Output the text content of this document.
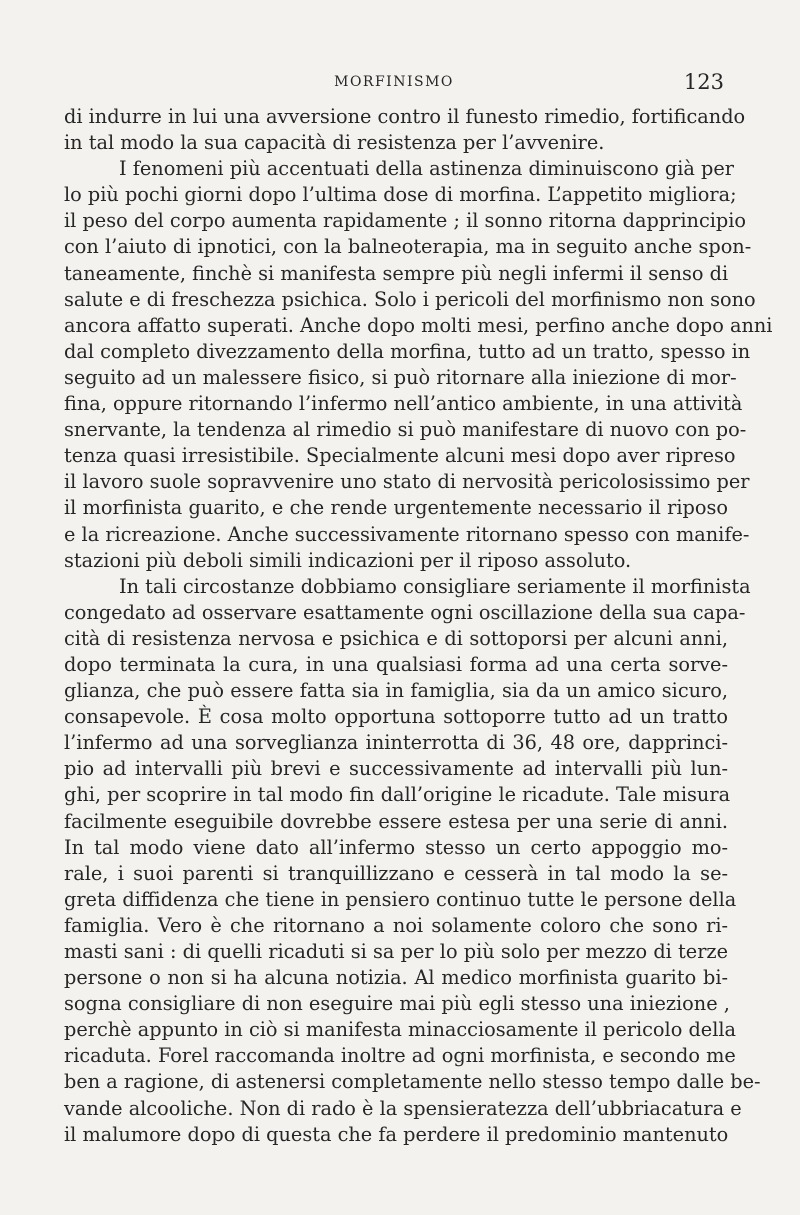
MORFINISMO	123
di indurre in lui una avversione contro il funesto rimedio, fortificando
in tal modo la sua capacità di resistenza per l’avvenire.
I fenomeni più accentuati della astinenza diminuiscono già per
lo più pochi giorni dopo l’ultima dose di morfina. L’appetito migliora;
il peso del corpo aumenta rapidamente ; il sonno ritorna dapprincipio
con l’aiuto di ipnotici, con la balneoterapia, ma in seguito anche spon-
taneamente, finchè si manifesta sempre più negli infermi il senso di
salute e di freschezza psichica. Solo i pericoli del morfinismo non sono
ancora affatto superati. Anche dopo molti mesi, perfino anche dopo anni
dal completo divezzamento della morfina, tutto ad un tratto, spesso in
seguito ad un malessere fisico, si può ritornare alla iniezione di mor-
fina, oppure ritornando l’infermo nell’antico ambiente, in una attività
snervante, la tendenza al rimedio si può manifestare di nuovo con po-
tenza quasi irresistibile. Specialmente alcuni mesi dopo aver ripreso
il lavoro suole sopravvenire uno stato di nervosità pericolosissimo per
il morfinista guarito, e che rende urgentemente necessario il riposo
e la ricreazione. Anche successivamente ritornano spesso con manife-
stazioni più deboli simili indicazioni per il riposo assoluto.
In tali circostanze dobbiamo consigliare seriamente il morfinista
congedato ad osservare esattamente ogni oscillazione della sua capa-
cità di resistenza nervosa e psichica e di sottoporsi per alcuni anni,
dopo terminata la cura, in una qualsiasi forma ad una certa sorve-
glianza, che può essere fatta sia in famiglia, sia da un amico sicuro,
consapevole. È cosa molto opportuna sottoporre tutto ad un tratto
l’infermo ad una sorveglianza ininterrotta di 36, 48 ore, dapprinci-
pio ad intervalli più brevi e successivamente ad intervalli più lun-
ghi, per scoprire in tal modo fin dall’origine le ricadute. Tale misura
facilmente eseguibile dovrebbe essere estesa per una serie di anni.
In tal modo viene dato all’infermo stesso un certo appoggio mo-
rale, i suoi parenti si tranquillizzano e cesserà in tal modo la se-
greta diffidenza che tiene in pensiero continuo tutte le persone della
famiglia. Vero è che ritornano a noi solamente coloro che sono ri-
masti sani : di quelli ricaduti si sa per lo più solo per mezzo di terze
persone o non si ha alcuna notizia. Al medico morfinista guarito bi-
sogna consigliare di non eseguire mai più egli stesso una iniezione ,
perchè appunto in ciò si manifesta minacciosamente il pericolo della
ricaduta. Forel raccomanda inoltre ad ogni morfinista, e secondo me
ben a ragione, di astenersi completamente nello stesso tempo dalle be-
vande alcooliche. Non di rado è la spensieratezza dell’ubbriacatura e
il malumore dopo di questa che fa perdere il predominio mantenuto
